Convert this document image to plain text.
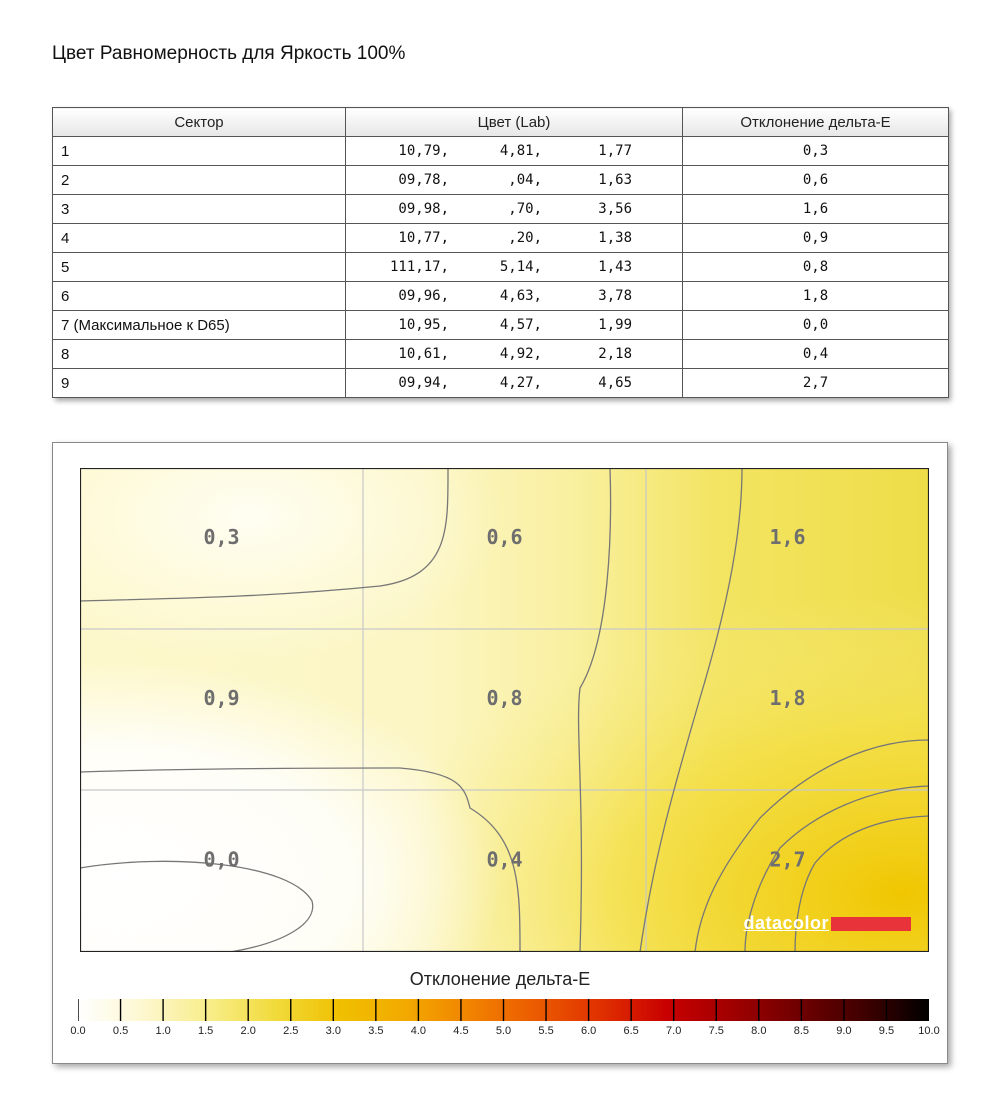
Цвет Равномерность для Яркость 100%
Сектор	Цвет (Lab)	Отклонение дельта-E
1	10,79, 4,81, 1,77	0,3
2	09,78, ,04, 1,63	0,6
3	09,98, ,70, 3,56	1,6
4	10,77, ,20, 1,38	0,9
5	111,17, 5,14, 1,43	0,8
6	09,96, 4,63, 3,78	1,8
7 (Максимальное к D65)	10,95, 4,57, 1,99	0,0
8	10,61, 4,92, 2,18	0,4
9	09,94, 4,27, 4,65	2,7
0,3	0,6	1,6
0,9	0,8	1,8
0,0	0,4	2,7
datacolor
Отклонение дельта-E
0.0 0.5 1.0 1.5 2.0 2.5 3.0 3.5 4.0 4.5 5.0 5.5 6.0 6.5 7.0 7.5 8.0 8.5 9.0 9.5 10.0
